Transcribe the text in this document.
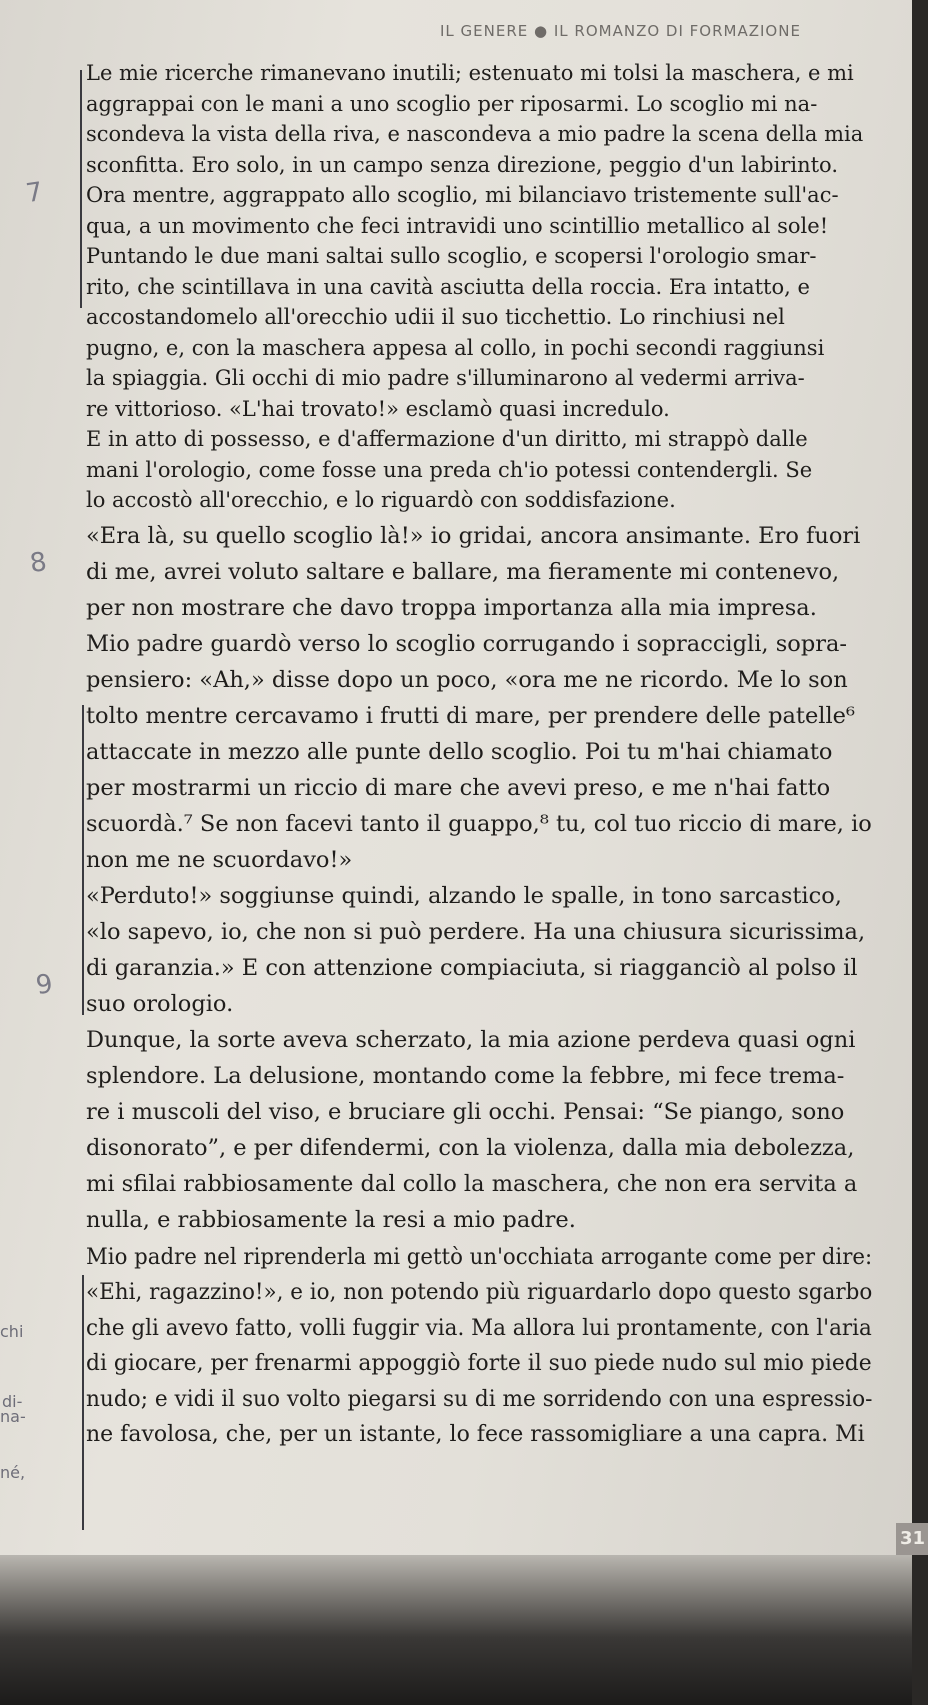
IL GENERE ● IL ROMANZO DI FORMAZIONE
7
8
9
chi
di-
na-
né,
Le mie ricerche rimanevano inutili; estenuato mi tolsi la maschera, e mi
aggrappai con le mani a uno scoglio per riposarmi. Lo scoglio mi na-
scondeva la vista della riva, e nascondeva a mio padre la scena della mia
sconfitta. Ero solo, in un campo senza direzione, peggio d'un labirinto.
Ora mentre, aggrappato allo scoglio, mi bilanciavo tristemente sull'ac-
qua, a un movimento che feci intravidi uno scintillio metallico al sole!
Puntando le due mani saltai sullo scoglio, e scopersi l'orologio smar-
rito, che scintillava in una cavità asciutta della roccia. Era intatto, e
accostandomelo all'orecchio udii il suo ticchettio. Lo rinchiusi nel
pugno, e, con la maschera appesa al collo, in pochi secondi raggiunsi
la spiaggia. Gli occhi di mio padre s'illuminarono al vedermi arriva-
re vittorioso. «L'hai trovato!» esclamò quasi incredulo.
E in atto di possesso, e d'affermazione d'un diritto, mi strappò dalle
mani l'orologio, come fosse una preda ch'io potessi contendergli. Se
lo accostò all'orecchio, e lo riguardò con soddisfazione.
«Era là, su quello scoglio là!» io gridai, ancora ansimante. Ero fuori
di me, avrei voluto saltare e ballare, ma fieramente mi contenevo,
per non mostrare che davo troppa importanza alla mia impresa.
Mio padre guardò verso lo scoglio corrugando i sopraccigli, sopra-
pensiero: «Ah,» disse dopo un poco, «ora me ne ricordo. Me lo son
tolto mentre cercavamo i frutti di mare, per prendere delle patelle⁶
attaccate in mezzo alle punte dello scoglio. Poi tu m'hai chiamato
per mostrarmi un riccio di mare che avevi preso, e me n'hai fatto
scuordà.⁷ Se non facevi tanto il guappo,⁸ tu, col tuo riccio di mare, io
non me ne scuordavo!»
«Perduto!» soggiunse quindi, alzando le spalle, in tono sarcastico,
«lo sapevo, io, che non si può perdere. Ha una chiusura sicurissima,
di garanzia.» E con attenzione compiaciuta, si riagganciò al polso il
suo orologio.
Dunque, la sorte aveva scherzato, la mia azione perdeva quasi ogni
splendore. La delusione, montando come la febbre, mi fece trema-
re i muscoli del viso, e bruciare gli occhi. Pensai: “Se piango, sono
disonorato”, e per difendermi, con la violenza, dalla mia debolezza,
mi sfilai rabbiosamente dal collo la maschera, che non era servita a
nulla, e rabbiosamente la resi a mio padre.
Mio padre nel riprenderla mi gettò un'occhiata arrogante come per dire:
«Ehi, ragazzino!», e io, non potendo più riguardarlo dopo questo sgarbo
che gli avevo fatto, volli fuggir via. Ma allora lui prontamente, con l'aria
di giocare, per frenarmi appoggiò forte il suo piede nudo sul mio piede
nudo; e vidi il suo volto piegarsi su di me sorridendo con una espressio-
ne favolosa, che, per un istante, lo fece rassomigliare a una capra. Mi
31
